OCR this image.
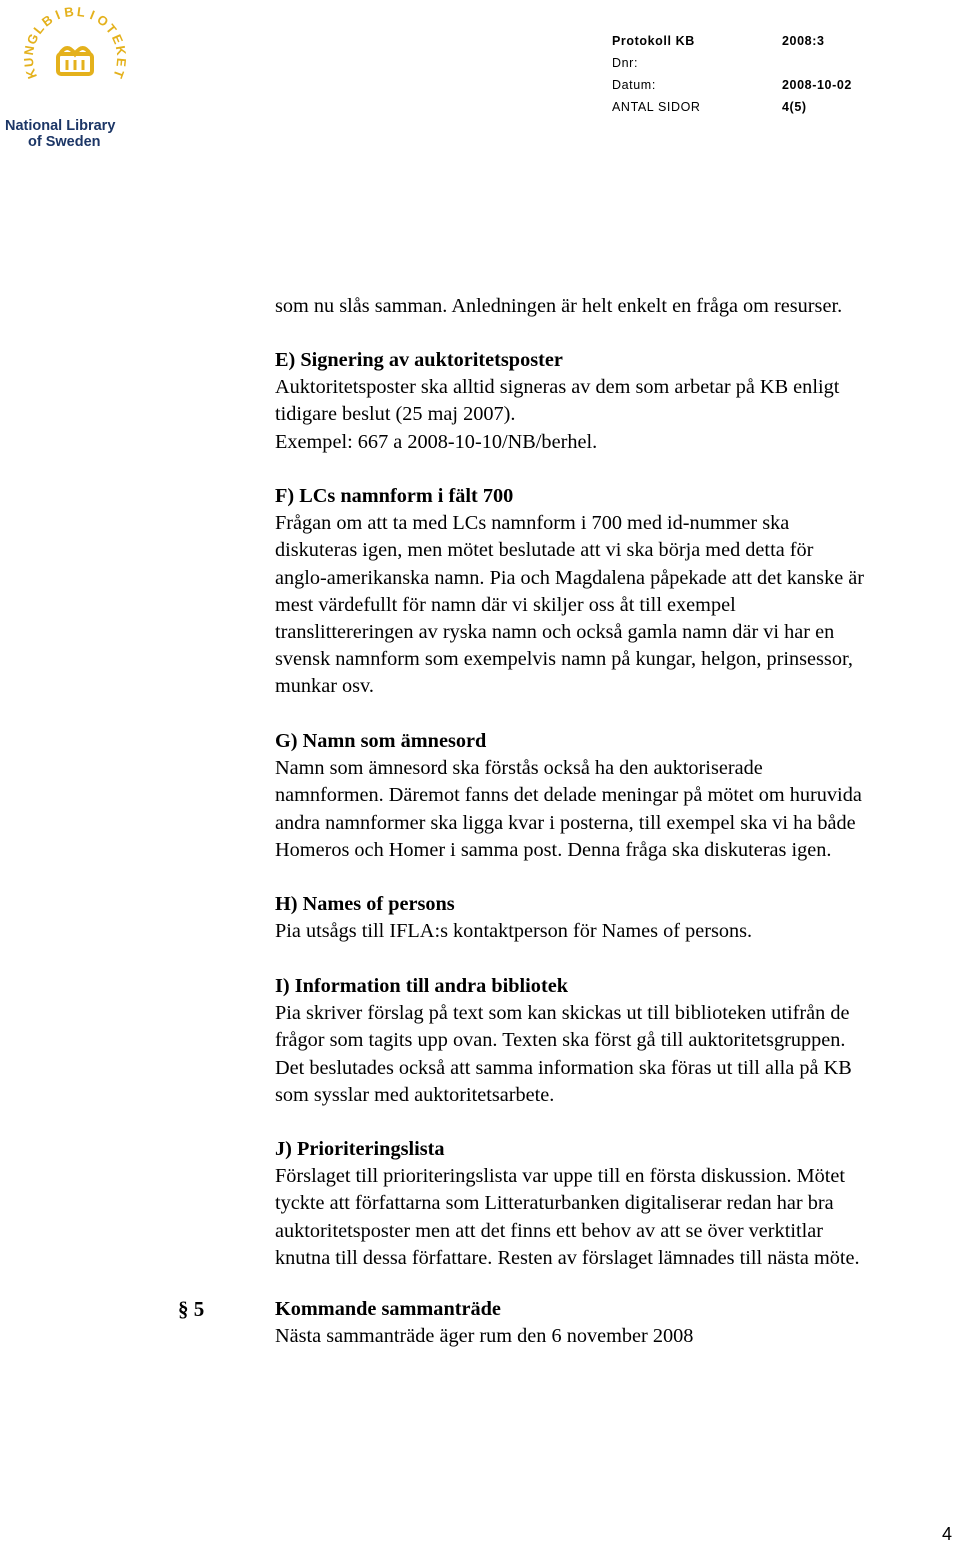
K
U
N
G
L
B
I B L I
O
T
E
K
E
T
National Library
of Sweden
Protokoll KB	2008:3
Dnr:
Datum:	2008-10-02
ANTAL SIDOR	4(5)

som nu slås samman. Anledningen är helt enkelt en fråga om resurser.

E) Signering av auktoritetsposter

Auktoritetsposter ska alltid signeras av dem som arbetar på KB enligt

tidigare beslut (25 maj 2007).

Exempel: 667 a 2008-10-10/NB/berhel.

F) LCs namnform i fält 700

Frågan om att ta med LCs namnform i 700 med id-nummer ska

diskuteras igen, men mötet beslutade att vi ska börja med detta för

anglo-amerikanska namn. Pia och Magdalena påpekade att det kanske är

mest värdefullt för namn där vi skiljer oss åt till exempel

translittereringen av ryska namn och också gamla namn där vi har en

svensk namnform som exempelvis namn på kungar, helgon, prinsessor,

munkar osv.

G) Namn som ämnesord

Namn som ämnesord ska förstås också ha den auktoriserade

namnformen. Däremot fanns det delade meningar på mötet om huruvida

andra namnformer ska ligga kvar i posterna, till exempel ska vi ha både

Homeros och Homer i samma post. Denna fråga ska diskuteras igen.

H) Names of persons

Pia utsågs till IFLA:s kontaktperson för Names of persons.

I) Information till andra bibliotek

Pia skriver förslag på text som kan skickas ut till biblioteken utifrån de

frågor som tagits upp ovan. Texten ska först gå till auktoritetsgruppen.

Det beslutades också att samma information ska föras ut till alla på KB

som sysslar med auktoritetsarbete.

J) Prioriteringslista

Förslaget till prioriteringslista var uppe till en första diskussion. Mötet

tyckte att författarna som Litteraturbanken digitaliserar redan har bra

auktoritetsposter men att det finns ett behov av att se över verktitlar

knutna till dessa författare. Resten av förslaget lämnades till nästa möte.

§ 5	Kommande sammanträde

Nästa sammanträde äger rum den 6 november 2008

4
